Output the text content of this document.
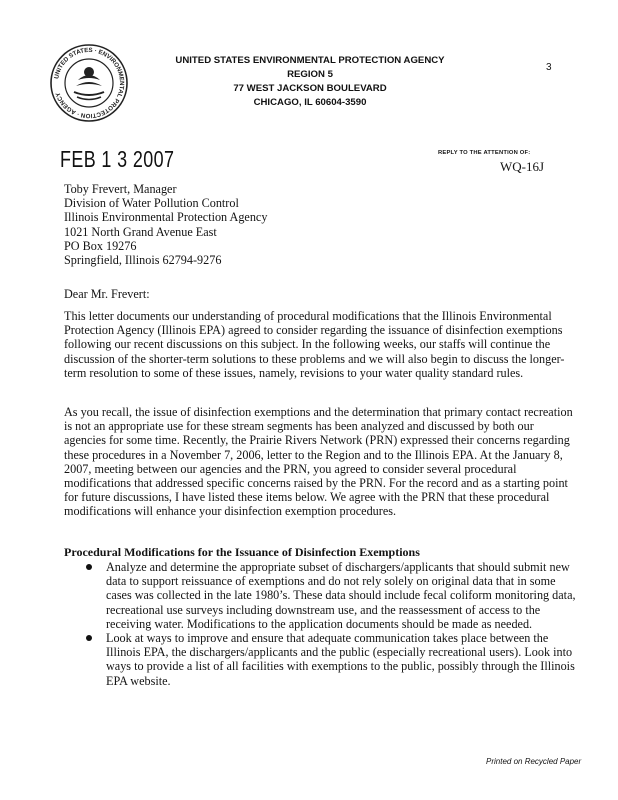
UNITED STATES · ENVIRONMENTAL PROTECTION · AGENCY
UNITED STATES ENVIRONMENTAL PROTECTION AGENCY
REGION 5
77 WEST JACKSON BOULEVARD
CHICAGO, IL 60604-3590
3
FEB 1 3 2007	REPLY TO THE ATTENTION OF:
WQ-16J
Toby Frevert, Manager
Division of Water Pollution Control
Illinois Environmental Protection Agency
1021 North Grand Avenue East
PO Box 19276
Springfield, Illinois 62794-9276

Dear Mr. Frevert:

This letter documents our understanding of procedural modifications that the Illinois Environmental Protection Agency (Illinois EPA) agreed to consider regarding the issuance of disinfection exemptions following our recent discussions on this subject. In the following weeks, our staffs will continue the discussion of the shorter-term solutions to these problems and we will also begin to discuss the longer-term resolution to some of these issues, namely, revisions to your water quality standard rules.

As you recall, the issue of disinfection exemptions and the determination that primary contact recreation is not an appropriate use for these stream segments has been analyzed and discussed by both our agencies for some time. Recently, the Prairie Rivers Network (PRN) expressed their concerns regarding these procedures in a November 7, 2006, letter to the Region and to the Illinois EPA. At the January 8, 2007, meeting between our agencies and the PRN, you agreed to consider several procedural modifications that addressed specific concerns raised by the PRN. For the record and as a starting point for future discussions, I have listed these items below. We agree with the PRN that these procedural modifications will enhance your disinfection exemption procedures.

Procedural Modifications for the Issuance of Disinfection Exemptions

Analyze and determine the appropriate subset of dischargers/applicants that should submit new data to support reissuance of exemptions and do not rely solely on original data that in some cases was collected in the late 1980’s. These data should include fecal coliform monitoring data, recreational use surveys including downstream use, and the reassessment of access to the receiving water. Modifications to the application documents should be made as needed.
Look at ways to improve and ensure that adequate communication takes place between the Illinois EPA, the dischargers/applicants and the public (especially recreational users). Look into ways to provide a list of all facilities with exemptions to the public, possibly through the Illinois EPA website.
Printed on Recycled Paper
